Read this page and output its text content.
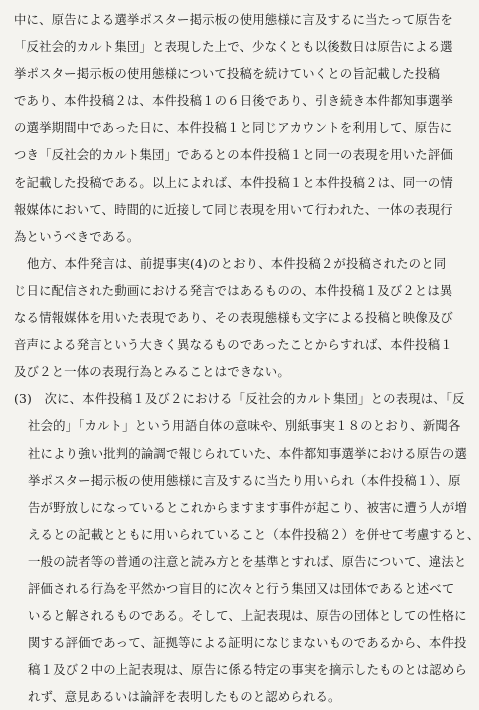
中に、原告による選挙ポスター掲示板の使用態様に言及するに当たって原告を
「反社会的カルト集団」と表現した上で、少なくとも以後数日は原告による選
挙ポスター掲示板の使用態様について投稿を続けていくとの旨記載した投稿
であり、本件投稿２は、本件投稿１の６日後であり、引き続き本件都知事選挙
の選挙期間中であった日に、本件投稿１と同じアカウントを利用して、原告に
つき「反社会的カルト集団」であるとの本件投稿１と同一の表現を用いた評価
を記載した投稿である。以上によれば、本件投稿１と本件投稿２は、同一の情
報媒体において、時間的に近接して同じ表現を用いて行われた、一体の表現行
為というべきである。
他方、本件発言は、前提事実(4)のとおり、本件投稿２が投稿されたのと同
じ日に配信された動画における発言ではあるものの、本件投稿１及び２とは異
なる情報媒体を用いた表現であり、その表現態様も文字による投稿と映像及び
音声による発言という大きく異なるものであったことからすれば、本件投稿１
及び２と一体の表現行為とみることはできない。
(3)　次に、本件投稿１及び２における「反社会的カルト集団」との表現は、「反
社会的」「カルト」という用語自体の意味や、別紙事実１８のとおり、新聞各
社により強い批判的論調で報じられていた、本件都知事選挙における原告の選
挙ポスター掲示板の使用態様に言及するに当たり用いられ（本件投稿１）、原
告が野放しになっているとこれからますます事件が起こり、被害に遭う人が増
えるとの記載とともに用いられていること（本件投稿２）を併せて考慮すると、
一般の読者等の普通の注意と読み方とを基準とすれば、原告について、違法と
評価される行為を平然かつ盲目的に次々と行う集団又は団体であると述べて
いると解されるものである。そして、上記表現は、原告の団体としての性格に
関する評価であって、証拠等による証明になじまないものであるから、本件投
稿１及び２中の上記表現は、原告に係る特定の事実を摘示したものとは認めら
れず、意見あるいは論評を表明したものと認められる。
